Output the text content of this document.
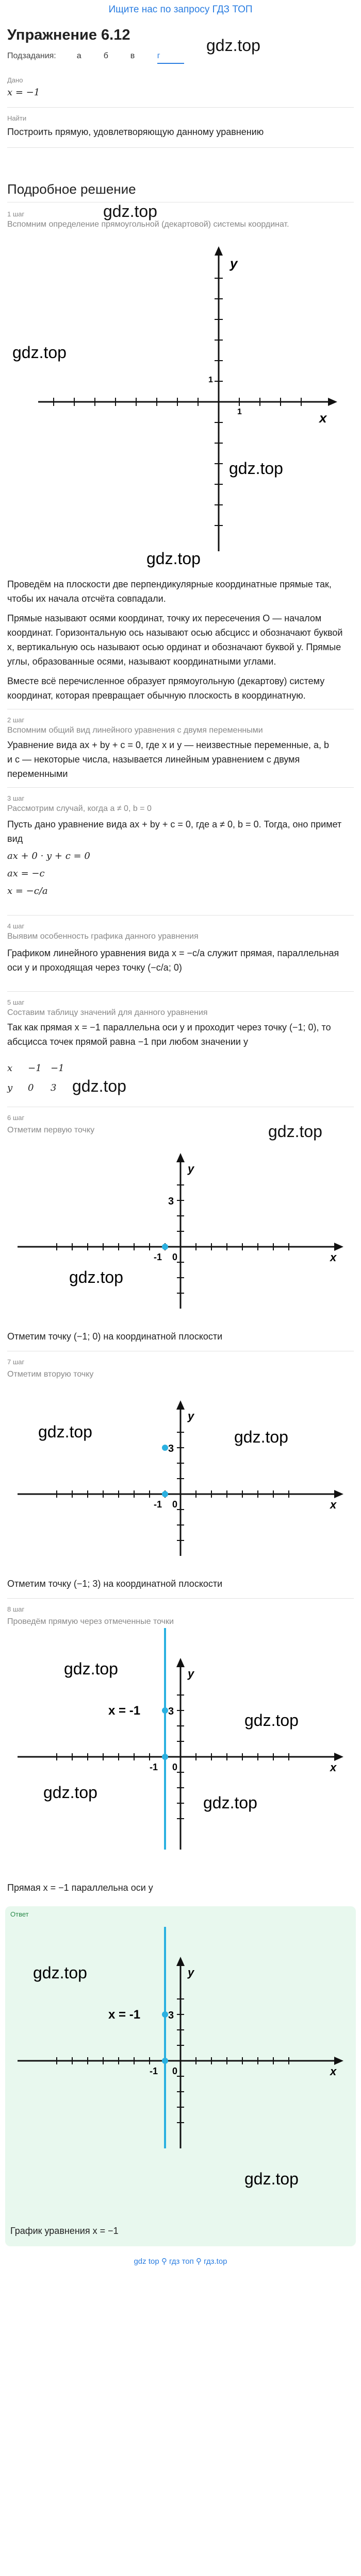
Ищите нас по запросу ГДЗ ТОП
Упражнение 6.12
Подзадания:	а	б	в	г
gdz.top
Дано
x = −1
Найти
Построить прямую, удовлетворяющую данному уравнению
Подробное решение
1 шаг
Вспомним определение прямоугольной (декартовой) системы координат.
gdz.top
y
x
1
1
gdz.top
gdz.top
gdz.top
Проведём на плоскости две перпендикулярные координатные прямые так,
чтобы их начала отсчёта совпадали.
Прямые называют осями координат, точку их пересечения O — началом
координат. Горизонтальную ось называют осью абсцисс и обозначают буквой
x, вертикальную ось называют осью ординат и обозначают буквой y. Прямые
углы, образованные осями, называют координатными углами.
Вместе всё перечисленное образует прямоугольную (декартову) систему
координат, которая превращает обычную плоскость в координатную.
2 шаг
Вспомним общий вид линейного уравнения с двумя переменными
Уравнение вида ax + by + c = 0, где x и y — неизвестные переменные, a, b
и c — некоторые числа, называется линейным уравнением с двумя
переменными
3 шаг
Рассмотрим случай, когда a ≠ 0, b = 0
Пусть дано уравнение вида ax + by + c = 0, где a ≠ 0, b = 0. Тогда, оно примет вид
ax + 0 · y + c = 0
ax = −c
x = −c/a
4 шаг
Выявим особенность графика данного уравнения
Графиком линейного уравнения вида x = −c/a служит прямая, параллельная
оси y и проходящая через точку (−c/a; 0)
5 шаг
Составим таблицу значений для данного уравнения
Так как прямая x = −1 параллельна оси y и проходит через точку (−1; 0), то абсцисса точек прямой равна −1 при любом значении y
x	−1 −1
y	0	3 gdz.top
6 шаг
Отметим первую точку	gdz.top
y
x
3
-1 0
gdz.top
Отметим точку (−1; 0) на координатной плоскости
7 шаг
Отметим вторую точку
y
x
3
-1 0
gdz.top	gdz.top
Отметим точку (−1; 3) на координатной плоскости
8 шаг
Проведём прямую через отмеченные точки
y
x
3
-1 0
x = -1
gdz.top
gdz.top
gdz.top
gdz.top
Прямая x = −1 параллельна оси y
Ответ
y
x
3
-1 0
x = -1
gdz.top
gdz.top
График уравнения x = −1
gdz top ⚲ гдз топ ⚲ гдз.top
